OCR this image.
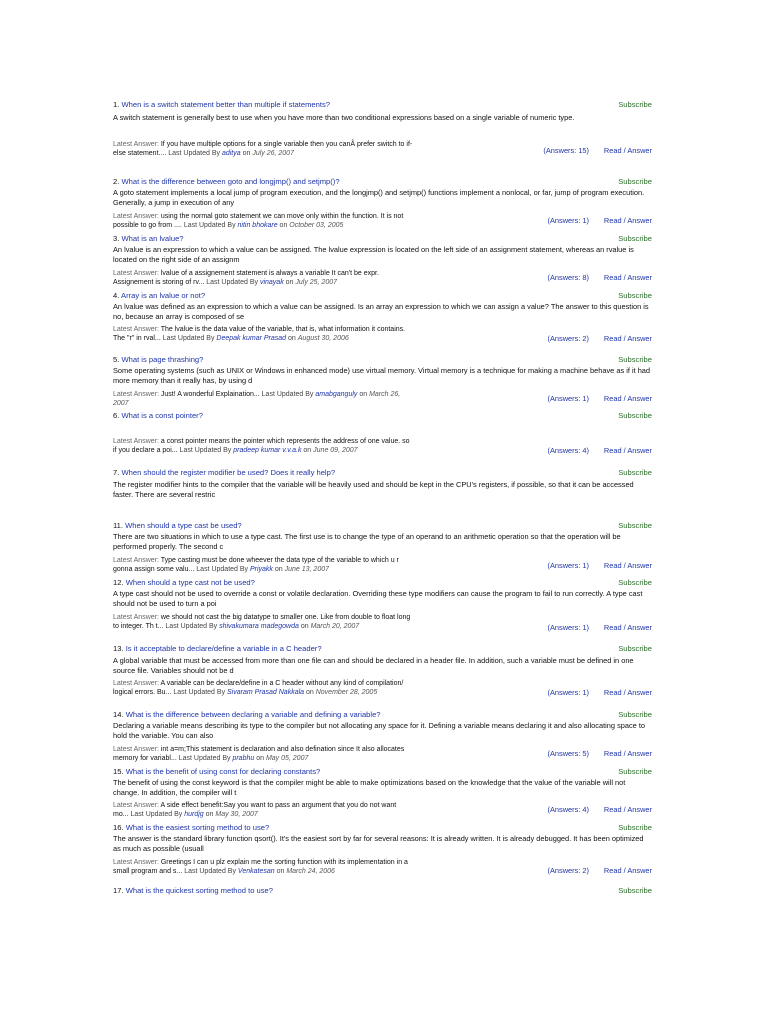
1. When is a switch statement better than multiple if statements?	Subscribe
A switch statement is generally best to use when you have more than two conditional expressions based on a single variable of numeric type.
Latest Answer: If you have multiple options for a single variable then you canÂ prefer switch to if-else statement.... Last Updated By aditya on July 26, 2007	(Answers: 15)	Read / Answer
2. What is the difference between goto and longjmp() and setjmp()?	Subscribe
A goto statement implements a local jump of program execution, and the longjmp() and setjmp() functions implement a nonlocal, or far, jump of program execution. Generally, a jump in execution of any
Latest Answer: using the normal goto statement we can move only within the function. It is not possible to go from .... Last Updated By nitin bhokare on October 03, 2005
(Answers: 1)	Read / Answer
3. What is an lvalue?	Subscribe
An lvalue is an expression to which a value can be assigned. The lvalue expression is located on the left side of an assignment statement, whereas an rvalue is located on the right side of an assignm
Latest Answer: lvalue of a assignement statement is always a variable It can't be expr. Assignement is storing of rv... Last Updated By vinayak on July 25, 2007
(Answers: 8)	Read / Answer
4. Array is an lvalue or not?	Subscribe
An lvalue was defined as an expression to which a value can be assigned. Is an array an expression to which we can assign a value? The answer to this question is no, because an array is composed of se
Latest Answer: The lvalue is the data value of the variable, that is, what information it contains. The "r" in rval... Last Updated By Deepak kumar Prasad on August 30, 2006	(Answers: 2)	Read / Answer
5. What is page thrashing?	Subscribe
Some operating systems (such as UNIX or Windows in enhanced mode) use virtual memory. Virtual memory is a technique for making a machine behave as if it had more memory than it really has, by using d
Latest Answer: Just! A wonderful Explaination... Last Updated By amabganguly on March 26, 2007
(Answers: 1)	Read / Answer
6. What is a const pointer?	Subscribe
Latest Answer: a const pointer means the pointer which represents the address of one value. so if you declare a poi... Last Updated By pradeep kumar v.v.a.k on June 09, 2007	(Answers: 4)	Read / Answer
7. When should the register modifier be used? Does it really help?	Subscribe
The register modifier hints to the compiler that the variable will be heavily used and should be kept in the CPU's registers, if possible, so that it can be accessed faster. There are several restric
11. When should a type cast be used?	Subscribe
There are two situations in which to use a type cast. The first use is to change the type of an operand to an arithmetic operation so that the operation will be performed properly. The second c
Latest Answer: Type casting must be done wheever the data type of the variable to which u r gonna assign some valu... Last Updated By Priyakk on June 13, 2007	(Answers: 1)	Read / Answer
12. When should a type cast not be used?	Subscribe
A type cast should not be used to override a const or volatile declaration. Overriding these type modifiers can cause the program to fail to run correctly. A type cast should not be used to turn a poi
Latest Answer: we should not cast the big datatype to smaller one. Like from double to float long to integer. Th t... Last Updated By shivakumara madegowda on March 20, 2007	(Answers: 1)	Read / Answer
13. Is it acceptable to declare/define a variable in a C header?	Subscribe
A global variable that must be accessed from more than one file can and should be declared in a header file. In addition, such a variable must be defined in one source file. Variables should not be d
Latest Answer: A variable can be declare/define in a C header without any kind of compilation/ logical errors. Bu... Last Updated By Sivaram Prasad Nakkala on November 28, 2005	(Answers: 1)	Read / Answer
14. What is the difference between declaring a variable and defining a variable?	Subscribe
Declaring a variable means describing its type to the compiler but not allocating any space for it. Defining a variable means declaring it and also allocating space to hold the variable. You can also
Latest Answer: int a=m;This statement is declaration and also defination since It also allocates memory for variabl... Last Updated By prabhu on May 05, 2007
(Answers: 5)	Read / Answer
15. What is the benefit of using const for declaring constants?	Subscribe
The benefit of using the const keyword is that the compiler might be able to make optimizations based on the knowledge that the value of the variable will not change. In addition, the compiler will t
Latest Answer: A side effect benefit:Say you want to pass an argument that you do not want mo... Last Updated By hurdjg on May 30, 2007
(Answers: 4)	Read / Answer
16. What is the easiest sorting method to use?	Subscribe
The answer is the standard library function qsort(). It's the easiest sort by far for several reasons: It is already written. It is already debugged. It has been optimized as much as possible (usuall
Latest Answer: Greetings I can u plz explain me the sorting function with its implementation in a small program and s... Last Updated By Venkatesan on March 24, 2006	(Answers: 2)	Read / Answer
17. What is the quickest sorting method to use?	Subscribe
